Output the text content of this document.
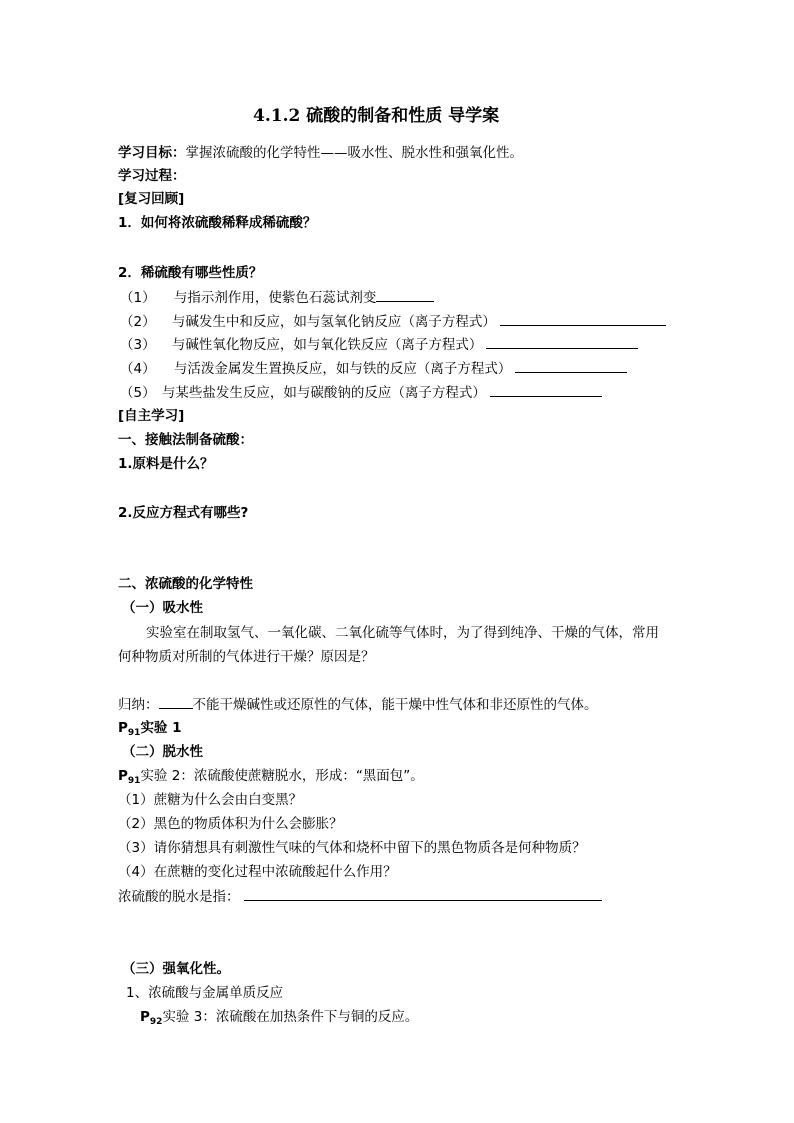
4.1.2 硫酸的制备和性质 导学案
学习目标：掌握浓硫酸的化学特性——吸水性、脱水性和强氧化性。
学习过程：
[复习回顾]
1．如何将浓硫酸稀释成稀硫酸？
2．稀硫酸有哪些性质？
（1） 与指示剂作用，使紫色石蕊试剂变
（2） 与碱发生中和反应，如与氢氧化钠反应（离子方程式）
（3） 与碱性氧化物反应，如与氧化铁反应（离子方程式）
（4） 与活泼金属发生置换反应，如与铁的反应（离子方程式）
（5） 与某些盐发生反应，如与碳酸钠的反应（离子方程式）
[自主学习]
一、接触法制备硫酸：
1.原料是什么？
2.反应方程式有哪些?
二、浓硫酸的化学特性
（一）吸水性
实验室在制取氢气、一氧化碳、二氧化硫等气体时，为了得到纯净、干燥的气体，常用
何种物质对所制的气体进行干燥？原因是？
归纳：	不能干燥碱性或还原性的气体，能干燥中性气体和非还原性的气体。
$P_{91}$实验 1
（二）脱水性
$P_{91}$实验 2：浓硫酸使蔗糖脱水，形成：“黑面包”。
（1）蔗糖为什么会由白变黑？
（2）黑色的物质体积为什么会膨胀？
（3）请你猜想具有刺激性气味的气体和烧杯中留下的黑色物质各是何种物质？
（4）在蔗糖的变化过程中浓硫酸起什么作用？
浓硫酸的脱水是指：
（三）强氧化性。
1、浓硫酸与金属单质反应
$P_{92}$实验 3：浓硫酸在加热条件下与铜的反应。
